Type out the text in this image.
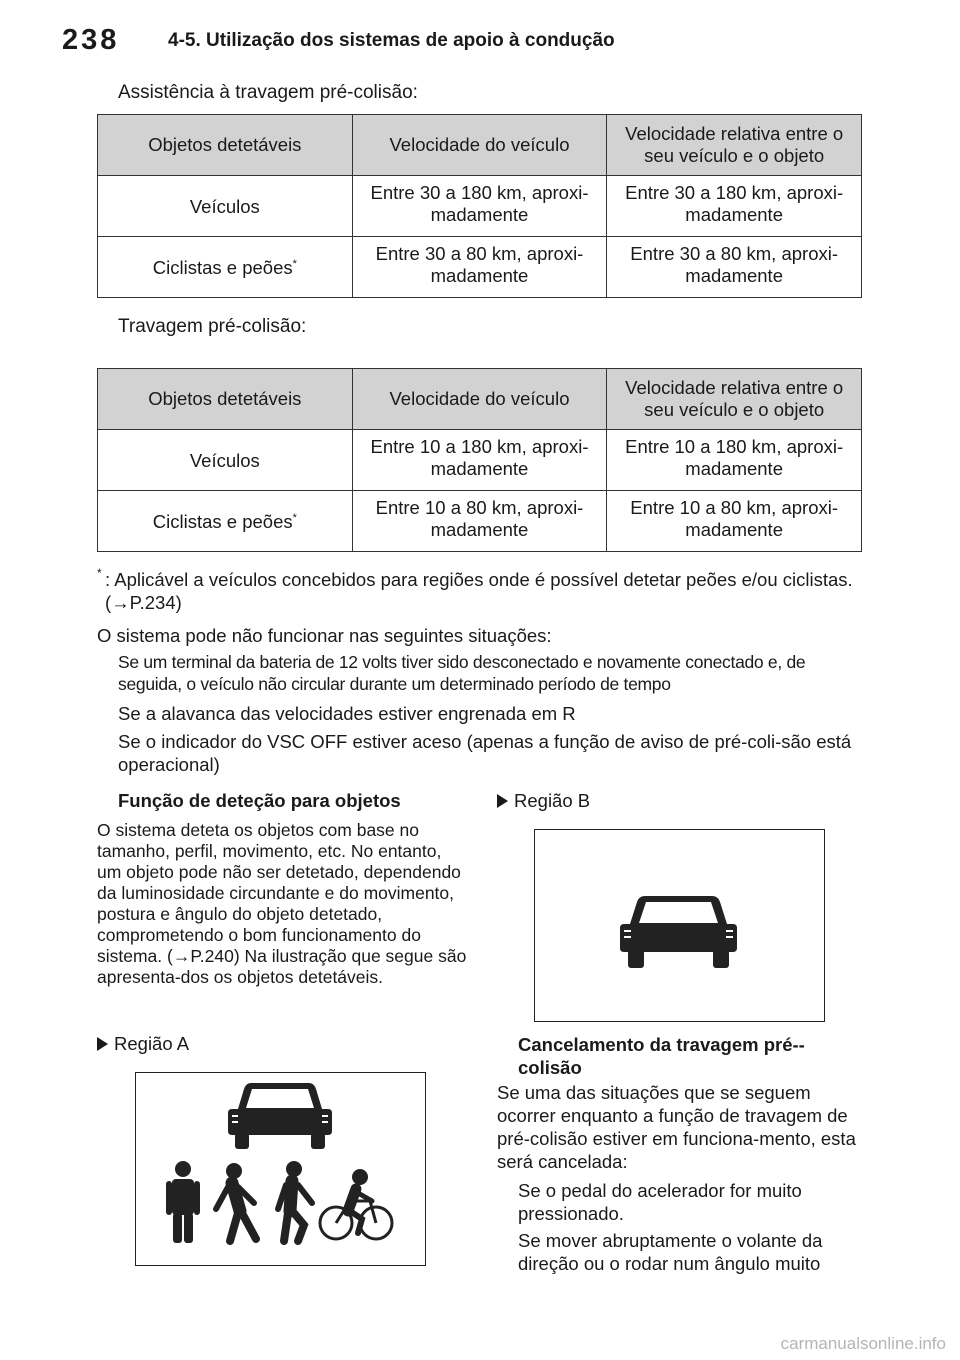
238	4-5. Utilização dos sistemas de apoio à condução
Assistência à travagem pré-colisão:
Objetos detetáveis	Velocidade do veículo	Velocidade relativa entre o seu veículo e o objeto
Veículos	Entre 30 a 180 km, aproxi-madamente	Entre 30 a 180 km, aproxi-madamente
Ciclistas e peões*	Entre 30 a 80 km, aproxi-madamente	Entre 30 a 80 km, aproxi-madamente
Travagem pré-colisão:
Objetos detetáveis	Velocidade do veículo	Velocidade relativa entre o seu veículo e o objeto
Veículos	Entre 10 a 180 km, aproxi-madamente	Entre 10 a 180 km, aproxi-madamente
Ciclistas e peões*	Entre 10 a 80 km, aproxi-madamente	Entre 10 a 80 km, aproxi-madamente
* : Aplicável a veículos concebidos para regiões onde é possível detetar peões e/ou ciclistas. (→P.234)
O sistema pode não funcionar nas seguintes situações:
Se um terminal da bateria de 12 volts tiver sido desconectado e novamente conectado e, de seguida, o veículo não circular durante um determinado período de tempo
Se a alavanca das velocidades estiver engrenada em R
Se o indicador do VSC OFF estiver aceso (apenas a função de aviso de pré-coli-são está operacional)
Função de deteção para objetos
O sistema deteta os objetos com base no tamanho, perfil, movimento, etc. No entanto, um objeto pode não ser detetado, dependendo da luminosidade circundante e do movimento, postura e ângulo do objeto detetado, comprometendo o bom funcionamento do sistema. (→P.240) Na ilustração que segue são apresenta-dos os objetos detetáveis.
Região A
Região B
Cancelamento da travagem pré--colisão
Se uma das situações que se seguem ocorrer enquanto a função de travagem de pré-colisão estiver em funciona-mento, esta será cancelada:
Se o pedal do acelerador for muito pressionado.
Se mover abruptamente o volante da direção ou o rodar num ângulo muito
carmanualsonline.info
